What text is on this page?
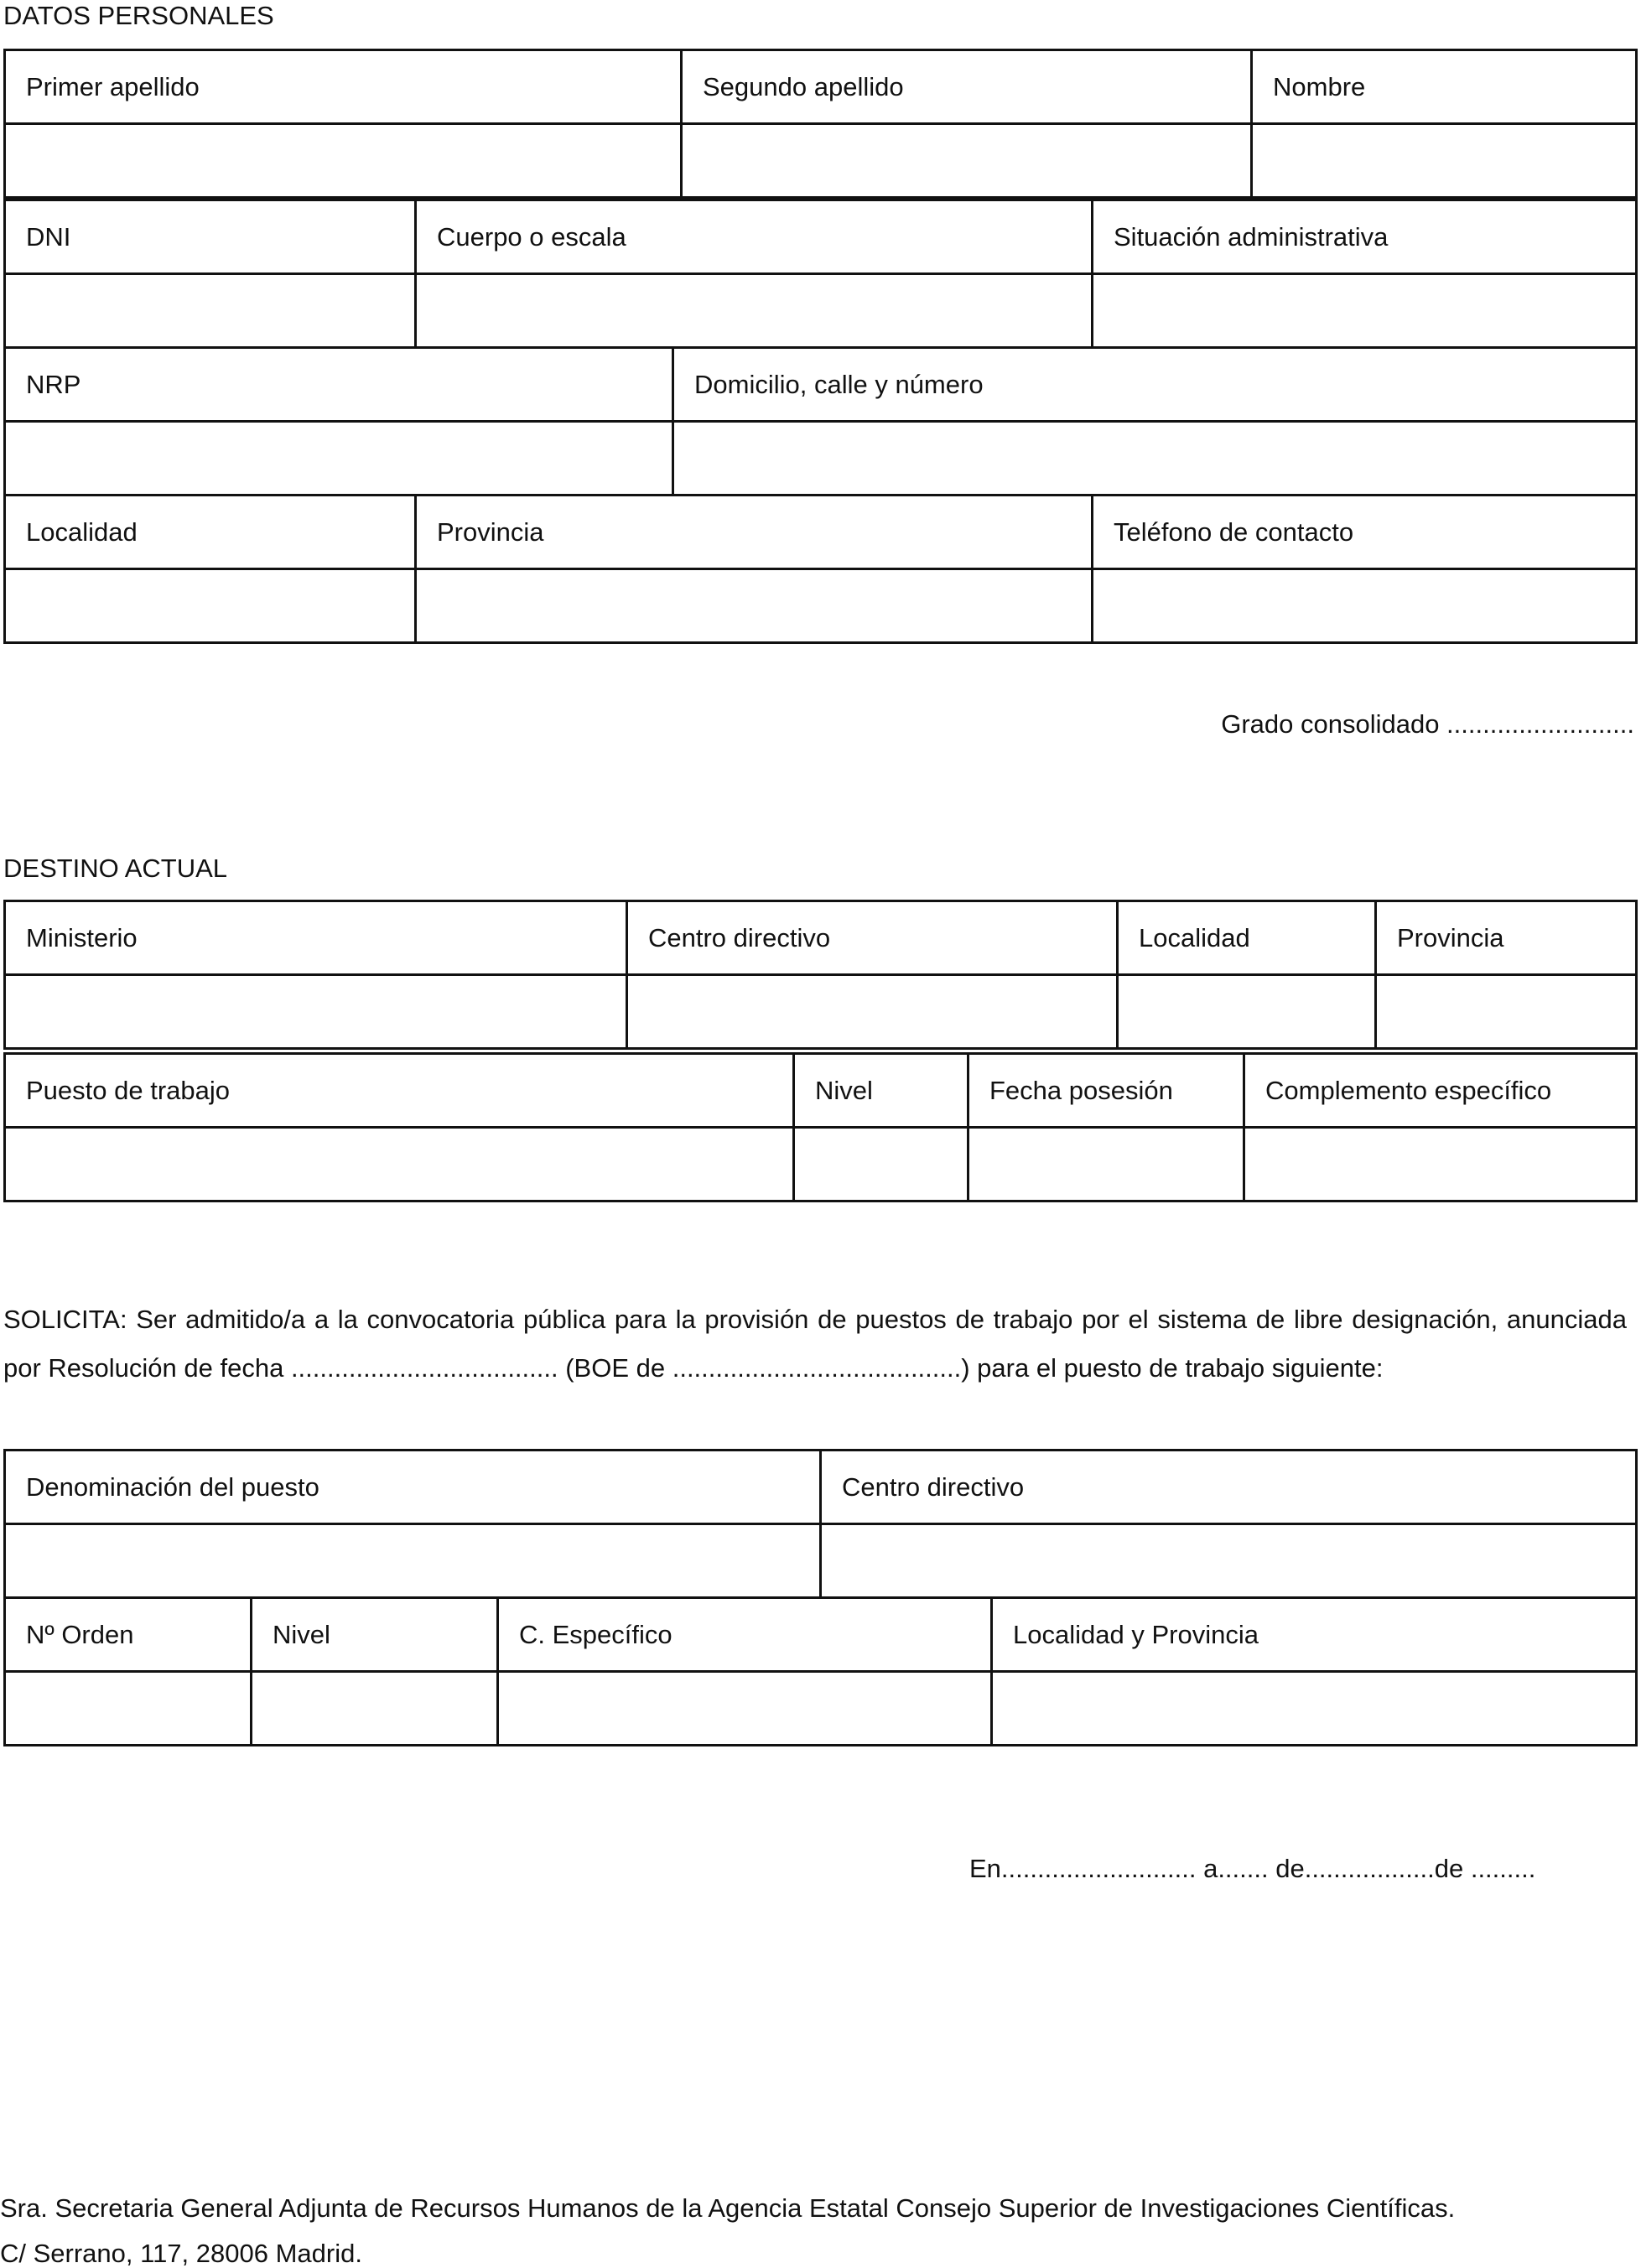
DATOS PERSONALES
Primer apellido	Segundo apellido	Nombre

DNI	Cuerpo o escala		Situación administrativa

NRP		Domicilio, calle y número	

Localidad	Provincia		Teléfono de contacto

Grado consolidado ..........................
DESTINO ACTUAL
Ministerio	Centro directivo	Localidad	Provincia

Puesto de trabajo	Nivel	Fecha posesión	Complemento específico

SOLICITA: Ser admitido/a a la convocatoria pública para la provisión de puestos de trabajo por el sistema de libre designación, anunciada por Resolución de fecha ..................................... (BOE de ........................................) para el puesto de trabajo siguiente:
Denominación del puesto			Centro directivo	

Nº Orden	Nivel	C. Específico		Localidad y Provincia

En........................... a....... de..................de .........
Sra. Secretaria General Adjunta de Recursos Humanos de la Agencia Estatal Consejo Superior de Investigaciones Científicas.
C/ Serrano, 117, 28006 Madrid.
